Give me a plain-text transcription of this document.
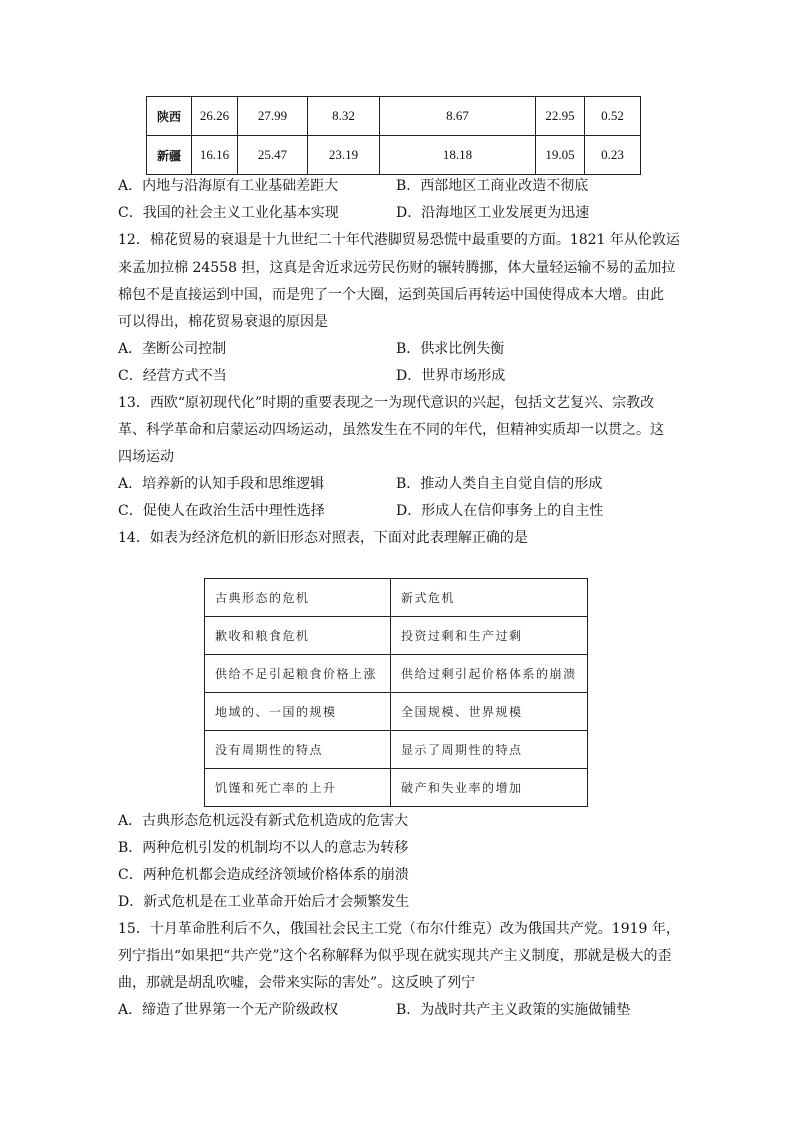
陕西	26.26	27.99	8.32	8.67	22.95	0.52
新疆	16.16	25.47	23.19	18.18	19.05	0.23
A．内地与沿海原有工业基础差距大	B．西部地区工商业改造不彻底
C．我国的社会主义工业化基本实现	D．沿海地区工业发展更为迅速
12．棉花贸易的衰退是十九世纪二十年代港脚贸易恐慌中最重要的方面。1821 年从伦敦运
来孟加拉棉 24558 担，这真是舍近求远劳民伤财的辗转腾挪，体大量轻运输不易的孟加拉
棉包不是直接运到中国，而是兜了一个大圈，运到英国后再转运中国使得成本大增。由此
可以得出，棉花贸易衰退的原因是
A．垄断公司控制	B．供求比例失衡
C．经营方式不当	D．世界市场形成
13．西欧“原初现代化”时期的重要表现之一为现代意识的兴起，包括文艺复兴、宗教改
革、科学革命和启蒙运动四场运动，虽然发生在不同的年代，但精神实质却一以贯之。这
四场运动
A．培养新的认知手段和思维逻辑	B．推动人类自主自觉自信的形成
C．促使人在政治生活中理性选择	D．形成人在信仰事务上的自主性
14．如表为经济危机的新旧形态对照表，下面对此表理解正确的是
古典形态的危机	新式危机
歉收和粮食危机	投资过剩和生产过剩
供给不足引起粮食价格上涨	供给过剩引起价格体系的崩溃
地域的、一国的规模	全国规模、世界规模
没有周期性的特点	显示了周期性的特点
饥馑和死亡率的上升	破产和失业率的增加
A．古典形态危机远没有新式危机造成的危害大
B．两种危机引发的机制均不以人的意志为转移
C．两种危机都会造成经济领域价格体系的崩溃
D．新式危机是在工业革命开始后才会频繁发生
15．十月革命胜利后不久，俄国社会民主工党（布尔什维克）改为俄国共产党。1919 年，
列宁指出“如果把“共产党”这个名称解释为似乎现在就实现共产主义制度，那就是极大的歪
曲，那就是胡乱吹嘘，会带来实际的害处”。这反映了列宁
A．缔造了世界第一个无产阶级政权	B．为战时共产主义政策的实施做铺垫
